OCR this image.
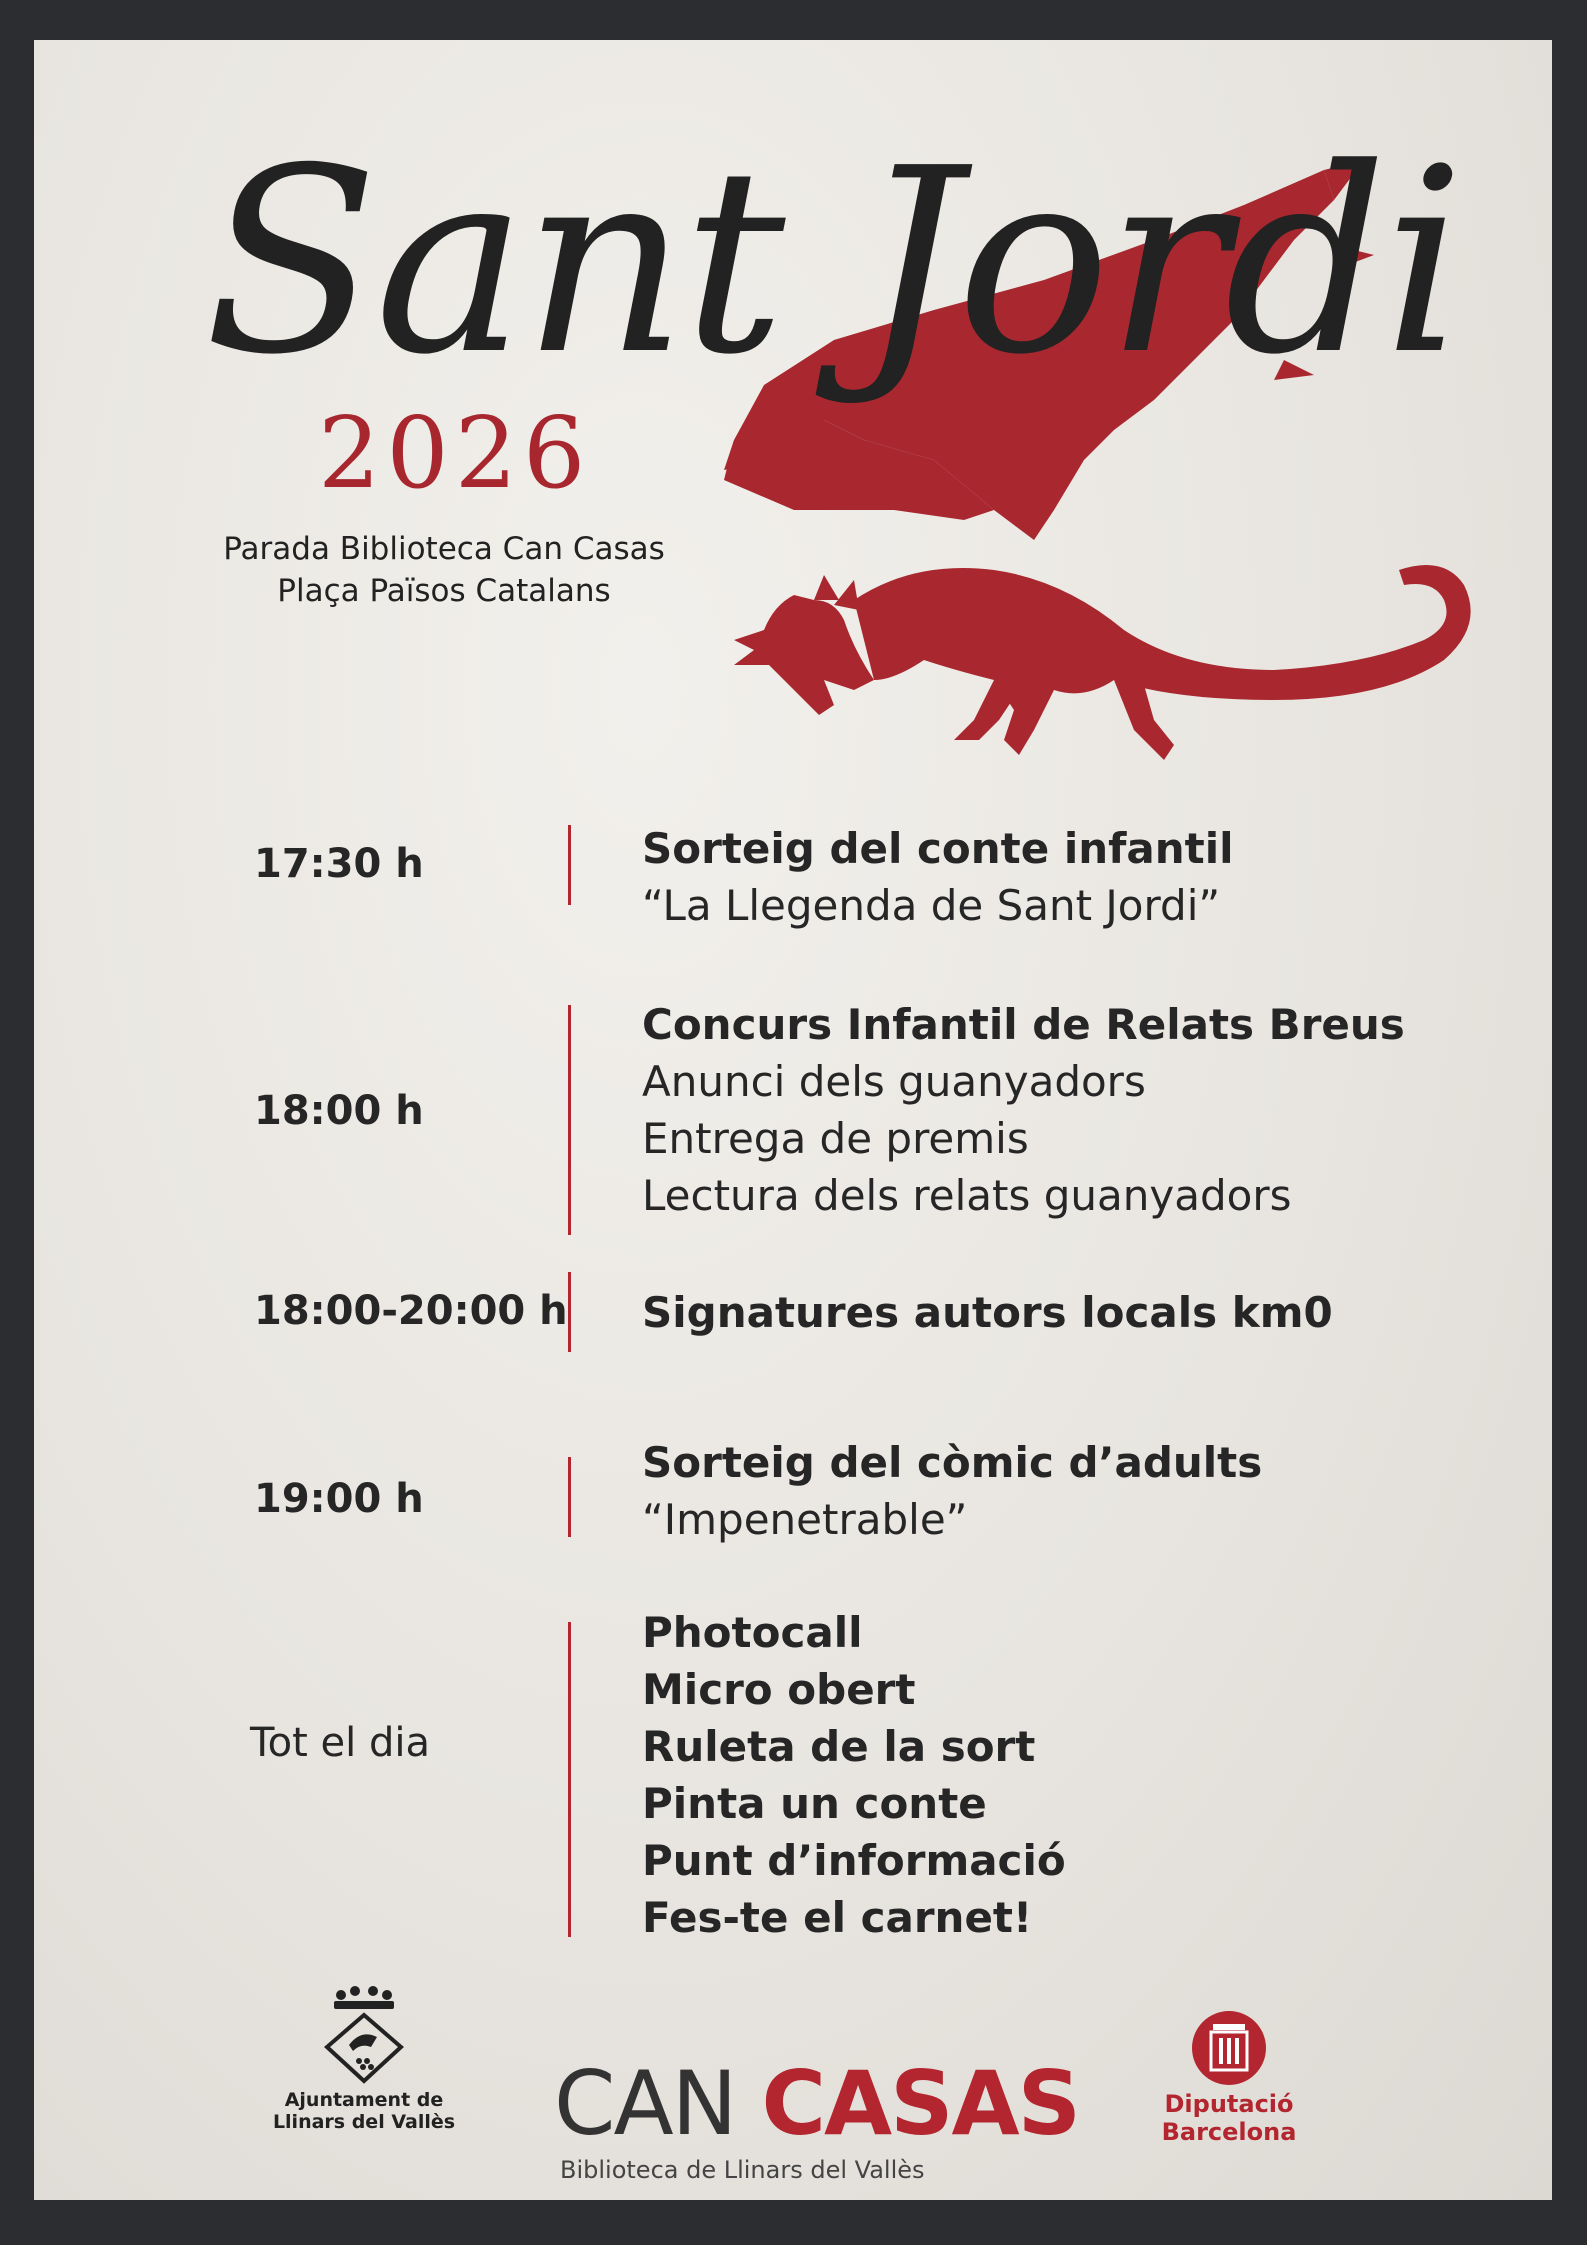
Sant Jordi
2026
Parada Biblioteca Can Casas
Plaça Països Catalans
17:30 h	Sorteig del conte infantil
“La Llegenda de Sant Jordi”
18:00 h
Concurs Infantil de Relats Breus
Anunci dels guanyadors
Entrega de premis
Lectura dels relats guanyadors
18:00-20:00 h Signatures autors locals km0
19:00 h
Sorteig del còmic d’adults
“Impenetrable”
Tot el dia
Photocall
Micro obert
Ruleta de la sort
Pinta un conte
Punt d’informació
Fes-te el carnet!
Ajuntament de
Llinars del Vallès CAN CASAS
Biblioteca de Llinars del Vallès
Diputació
Barcelona
